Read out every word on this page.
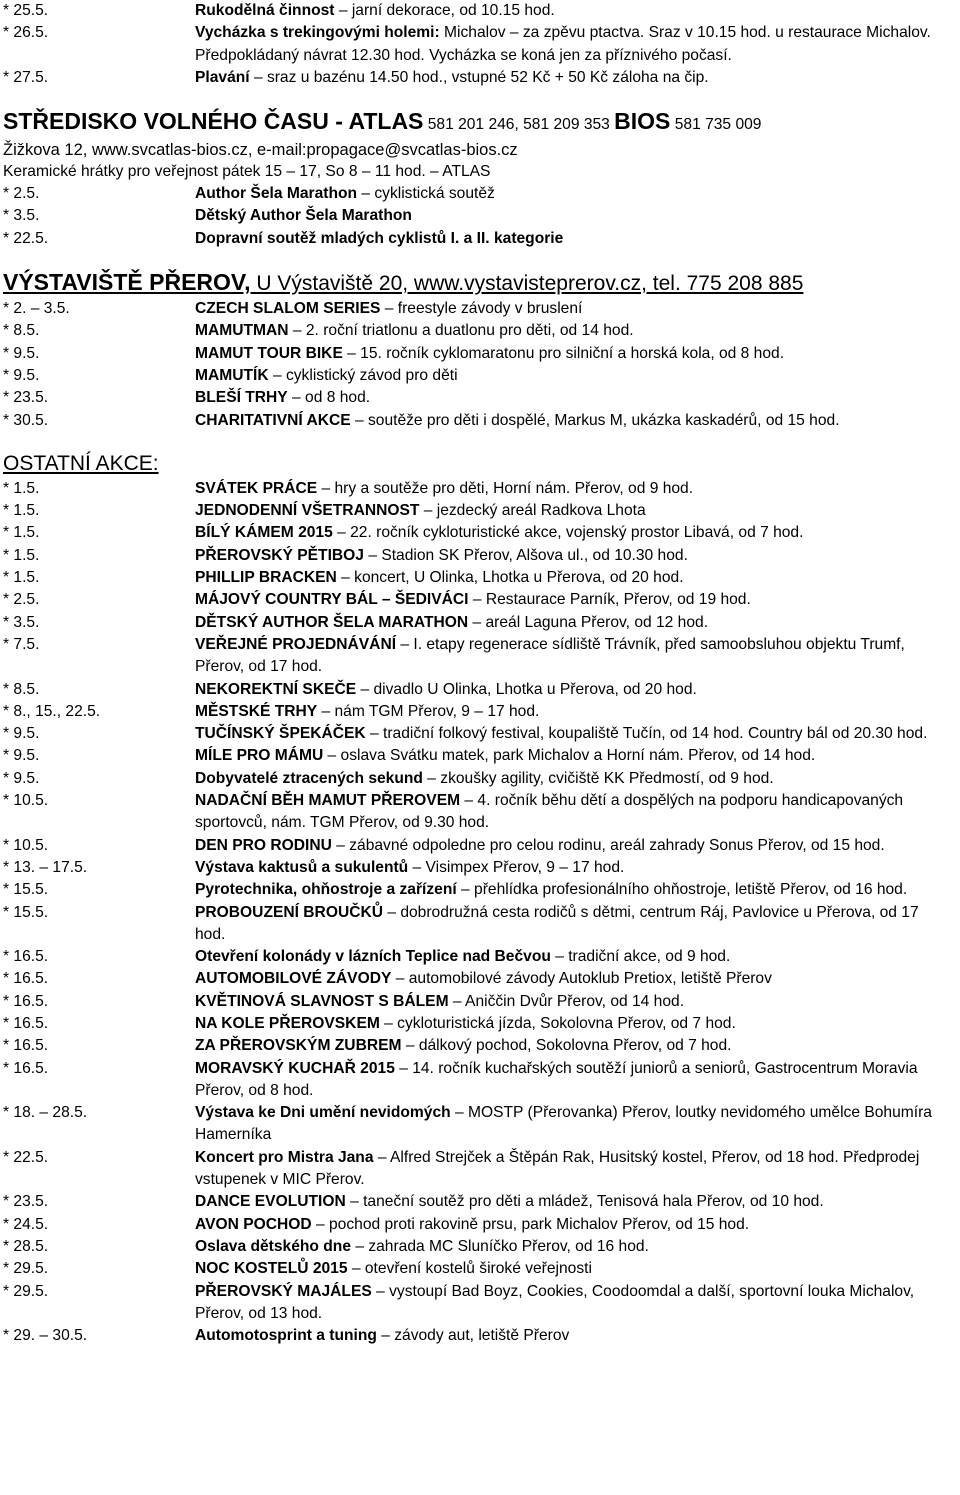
* 25.5.	Rukodělná činnost – jarní dekorace, od 10.15 hod.
* 26.5.	Vycházka s trekingovými holemi: Michalov – za zpěvu ptactva. Sraz v 10.15 hod. u restaurace Michalov. Předpokládaný návrat 12.30 hod. Vycházka se koná jen za příznivého počasí.
* 27.5.	Plavání – sraz u bazénu 14.50 hod., vstupné 52 Kč + 50 Kč záloha na čip.
STŘEDISKO VOLNÉHO ČASU - ATLAS 581 201 246, 581 209 353 BIOS 581 735 009
Žižkova 12, www.svcatlas-bios.cz, e-mail:propagace@svcatlas-bios.cz
Keramické hrátky pro veřejnost pátek 15 – 17, So 8 – 11 hod. – ATLAS
* 2.5.	Author Šela Marathon – cyklistická soutěž
* 3.5.	Dětský Author Šela Marathon
* 22.5.	Dopravní soutěž mladých cyklistů I. a II. kategorie
VÝSTAVIŠTĚ PŘEROV, U Výstaviště 20, www.vystavisteprerov.cz, tel. 775 208 885
* 2. – 3.5.	CZECH SLALOM SERIES – freestyle závody v bruslení
* 8.5.	MAMUTMAN – 2. roční triatlonu a duatlonu pro děti, od 14 hod.
* 9.5.	MAMUT TOUR BIKE – 15. ročník cyklomaratonu pro silniční a horská kola, od 8 hod.
* 9.5.	MAMUTÍK – cyklistický závod pro děti
* 23.5.	BLEŠÍ TRHY – od 8 hod.
* 30.5.	CHARITATIVNÍ AKCE – soutěže pro děti i dospělé, Markus M, ukázka kaskadérů, od 15 hod.
OSTATNÍ AKCE:
* 1.5.	SVÁTEK PRÁCE – hry a soutěže pro děti, Horní nám. Přerov, od 9 hod.
* 1.5.	JEDNODENNÍ VŠETRANNOST – jezdecký areál Radkova Lhota
* 1.5.	BÍLÝ KÁMEM 2015 – 22. ročník cykloturistické akce, vojenský prostor Libavá, od 7 hod.
* 1.5.	PŘEROVSKÝ PĚTIBOJ – Stadion SK Přerov, Alšova ul., od 10.30 hod.
* 1.5.	PHILLIP BRACKEN – koncert, U Olinka, Lhotka u Přerova, od 20 hod.
* 2.5.	MÁJOVÝ COUNTRY BÁL – ŠEDIVÁCI – Restaurace Parník, Přerov, od 19 hod.
* 3.5.	DĚTSKÝ AUTHOR ŠELA MARATHON – areál Laguna Přerov, od 12 hod.
* 7.5.	VEŘEJNÉ PROJEDNÁVÁNÍ – I. etapy regenerace sídliště Trávník, před samoobsluhou objektu Trumf, Přerov, od 17 hod.
* 8.5.	NEKOREKTNÍ SKEČE – divadlo U Olinka, Lhotka u Přerova, od 20 hod.
* 8., 15., 22.5.	MĚSTSKÉ TRHY – nám TGM Přerov, 9 – 17 hod.
* 9.5.	TUČÍNSKÝ ŠPEKÁČEK – tradiční folkový festival, koupaliště Tučín, od 14 hod. Country bál od 20.30 hod.
* 9.5.	MÍLE PRO MÁMU – oslava Svátku matek, park Michalov a Horní nám. Přerov, od 14 hod.
* 9.5.	Dobyvatelé ztracených sekund – zkoušky agility, cvičiště KK Předmostí, od 9 hod.
* 10.5.	NADAČNÍ BĚH MAMUT PŘEROVEM – 4. ročník běhu dětí a dospělých na podporu handicapovaných sportovců, nám. TGM Přerov, od 9.30 hod.
* 10.5.	DEN PRO RODINU – zábavné odpoledne pro celou rodinu, areál zahrady Sonus Přerov, od 15 hod.
* 13. – 17.5.	Výstava kaktusů a sukulentů – Visimpex Přerov, 9 – 17 hod.
* 15.5.	Pyrotechnika, ohňostroje a zařízení – přehlídka profesionálního ohňostroje, letiště Přerov, od 16 hod.
* 15.5.	PROBOUZENÍ BROUČKŮ – dobrodružná cesta rodičů s dětmi, centrum Ráj, Pavlovice u Přerova, od 17 hod.
* 16.5.	Otevření kolonády v lázních Teplice nad Bečvou – tradiční akce, od 9 hod.
* 16.5.	AUTOMOBILOVÉ ZÁVODY – automobilové závody Autoklub Pretiox, letiště Přerov
* 16.5.	KVĚTINOVÁ SLAVNOST S BÁLEM – Aniččin Dvůr Přerov, od 14 hod.
* 16.5.	NA KOLE PŘEROVSKEM – cykloturistická jízda, Sokolovna Přerov, od 7 hod.
* 16.5.	ZA PŘEROVSKÝM ZUBREM – dálkový pochod, Sokolovna Přerov, od 7 hod.
* 16.5.	MORAVSKÝ KUCHAŘ 2015 – 14. ročník kuchařských soutěží juniorů a seniorů, Gastrocentrum Moravia Přerov, od 8 hod.
* 18. – 28.5.	Výstava ke Dni umění nevidomých – MOSTP (Přerovanka) Přerov, loutky nevidomého umělce Bohumíra Hamerníka
* 22.5.	Koncert pro Mistra Jana – Alfred Strejček a Štěpán Rak, Husitský kostel, Přerov, od 18 hod. Předprodej vstupenek v MIC Přerov.
* 23.5.	DANCE EVOLUTION – taneční soutěž pro děti a mládež, Tenisová hala Přerov, od 10 hod.
* 24.5.	AVON POCHOD – pochod proti rakovině prsu, park Michalov Přerov, od 15 hod.
* 28.5.	Oslava dětského dne – zahrada MC Sluníčko Přerov, od 16 hod.
* 29.5.	NOC KOSTELŮ 2015 – otevření kostelů široké veřejnosti
* 29.5.	PŘEROVSKÝ MAJÁLES – vystoupí Bad Boyz, Cookies, Coodoomdal a další, sportovní louka Michalov, Přerov, od 13 hod.
* 29. – 30.5.	Automotosprint a tuning – závody aut, letiště Přerov
